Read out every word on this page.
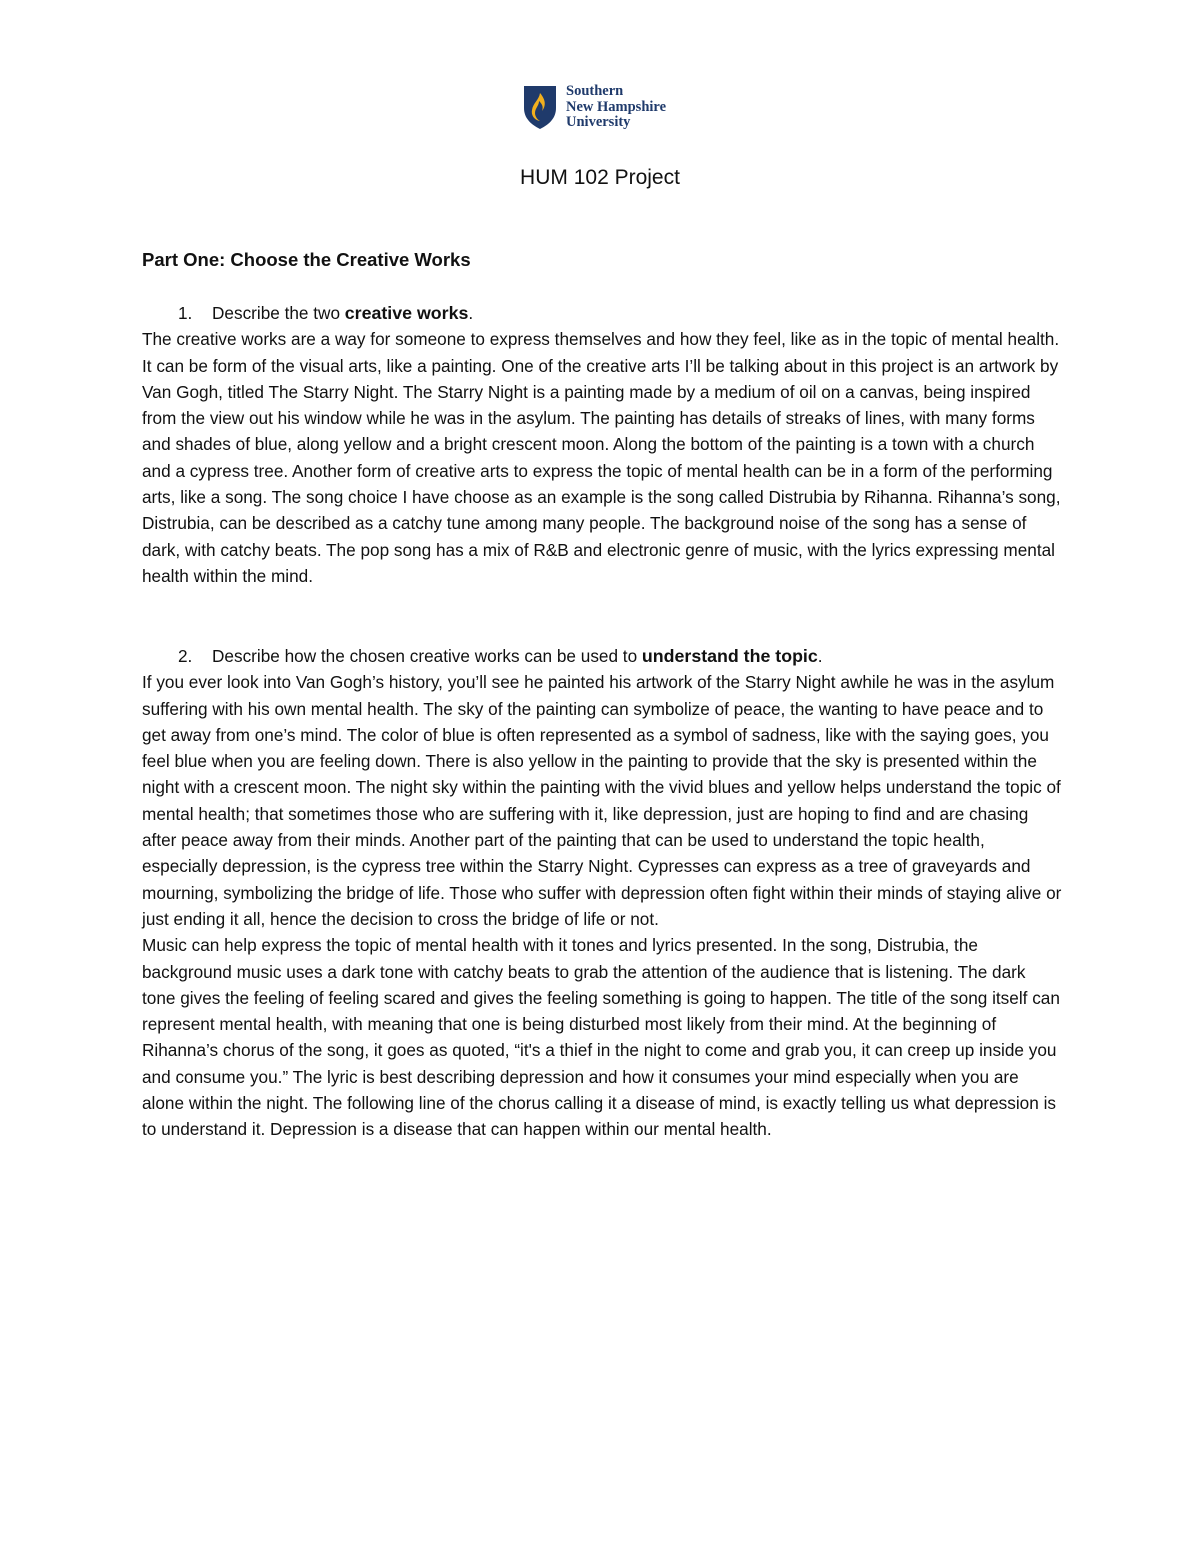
Southern
New Hampshire
University
HUM 102 Project
Part One: Choose the Creative Works
1.	Describe the two creative works.

The creative works are a way for someone to express themselves and how they feel, like as in the topic of mental health. It can be form of the visual arts, like a painting. One of the creative arts I’ll be talking about in this project is an artwork by Van Gogh, titled The Starry Night. The Starry Night is a painting made by a medium of oil on a canvas, being inspired from the view out his window while he was in the asylum. The painting has details of streaks of lines, with many forms and shades of blue, along yellow and a bright crescent moon. Along the bottom of the painting is a town with a church and a cypress tree. Another form of creative arts to express the topic of mental health can be in a form of the performing arts, like a song. The song choice I have choose as an example is the song called Distrubia by Rihanna. Rihanna’s song, Distrubia, can be described as a catchy tune among many people. The background noise of the song has a sense of dark, with catchy beats. The pop song has a mix of R&B and electronic genre of music, with the lyrics expressing mental health within the mind.

2.	Describe how the chosen creative works can be used to understand the topic.

If you ever look into Van Gogh’s history, you’ll see he painted his artwork of the Starry Night awhile he was in the asylum suffering with his own mental health. The sky of the painting can symbolize of peace, the wanting to have peace and to get away from one’s mind. The color of blue is often represented as a symbol of sadness, like with the saying goes, you feel blue when you are feeling down. There is also yellow in the painting to provide that the sky is presented within the night with a crescent moon. The night sky within the painting with the vivid blues and yellow helps understand the topic of mental health; that sometimes those who are suffering with it, like depression, just are hoping to find and are chasing after peace away from their minds. Another part of the painting that can be used to understand the topic health, especially depression, is the cypress tree within the Starry Night. Cypresses can express as a tree of graveyards and mourning, symbolizing the bridge of life. Those who suffer with depression often fight within their minds of staying alive or just ending it all, hence the decision to cross the bridge of life or not.

Music can help express the topic of mental health with it tones and lyrics presented. In the song, Distrubia, the background music uses a dark tone with catchy beats to grab the attention of the audience that is listening. The dark tone gives the feeling of feeling scared and gives the feeling something is going to happen. The title of the song itself can represent mental health, with meaning that one is being disturbed most likely from their mind. At the beginning of Rihanna’s chorus of the song, it goes as quoted, “it's a thief in the night to come and grab you, it can creep up inside you and consume you.” The lyric is best describing depression and how it consumes your mind especially when you are alone within the night. The following line of the chorus calling it a disease of mind, is exactly telling us what depression is to understand it. Depression is a disease that can happen within our mental health.
